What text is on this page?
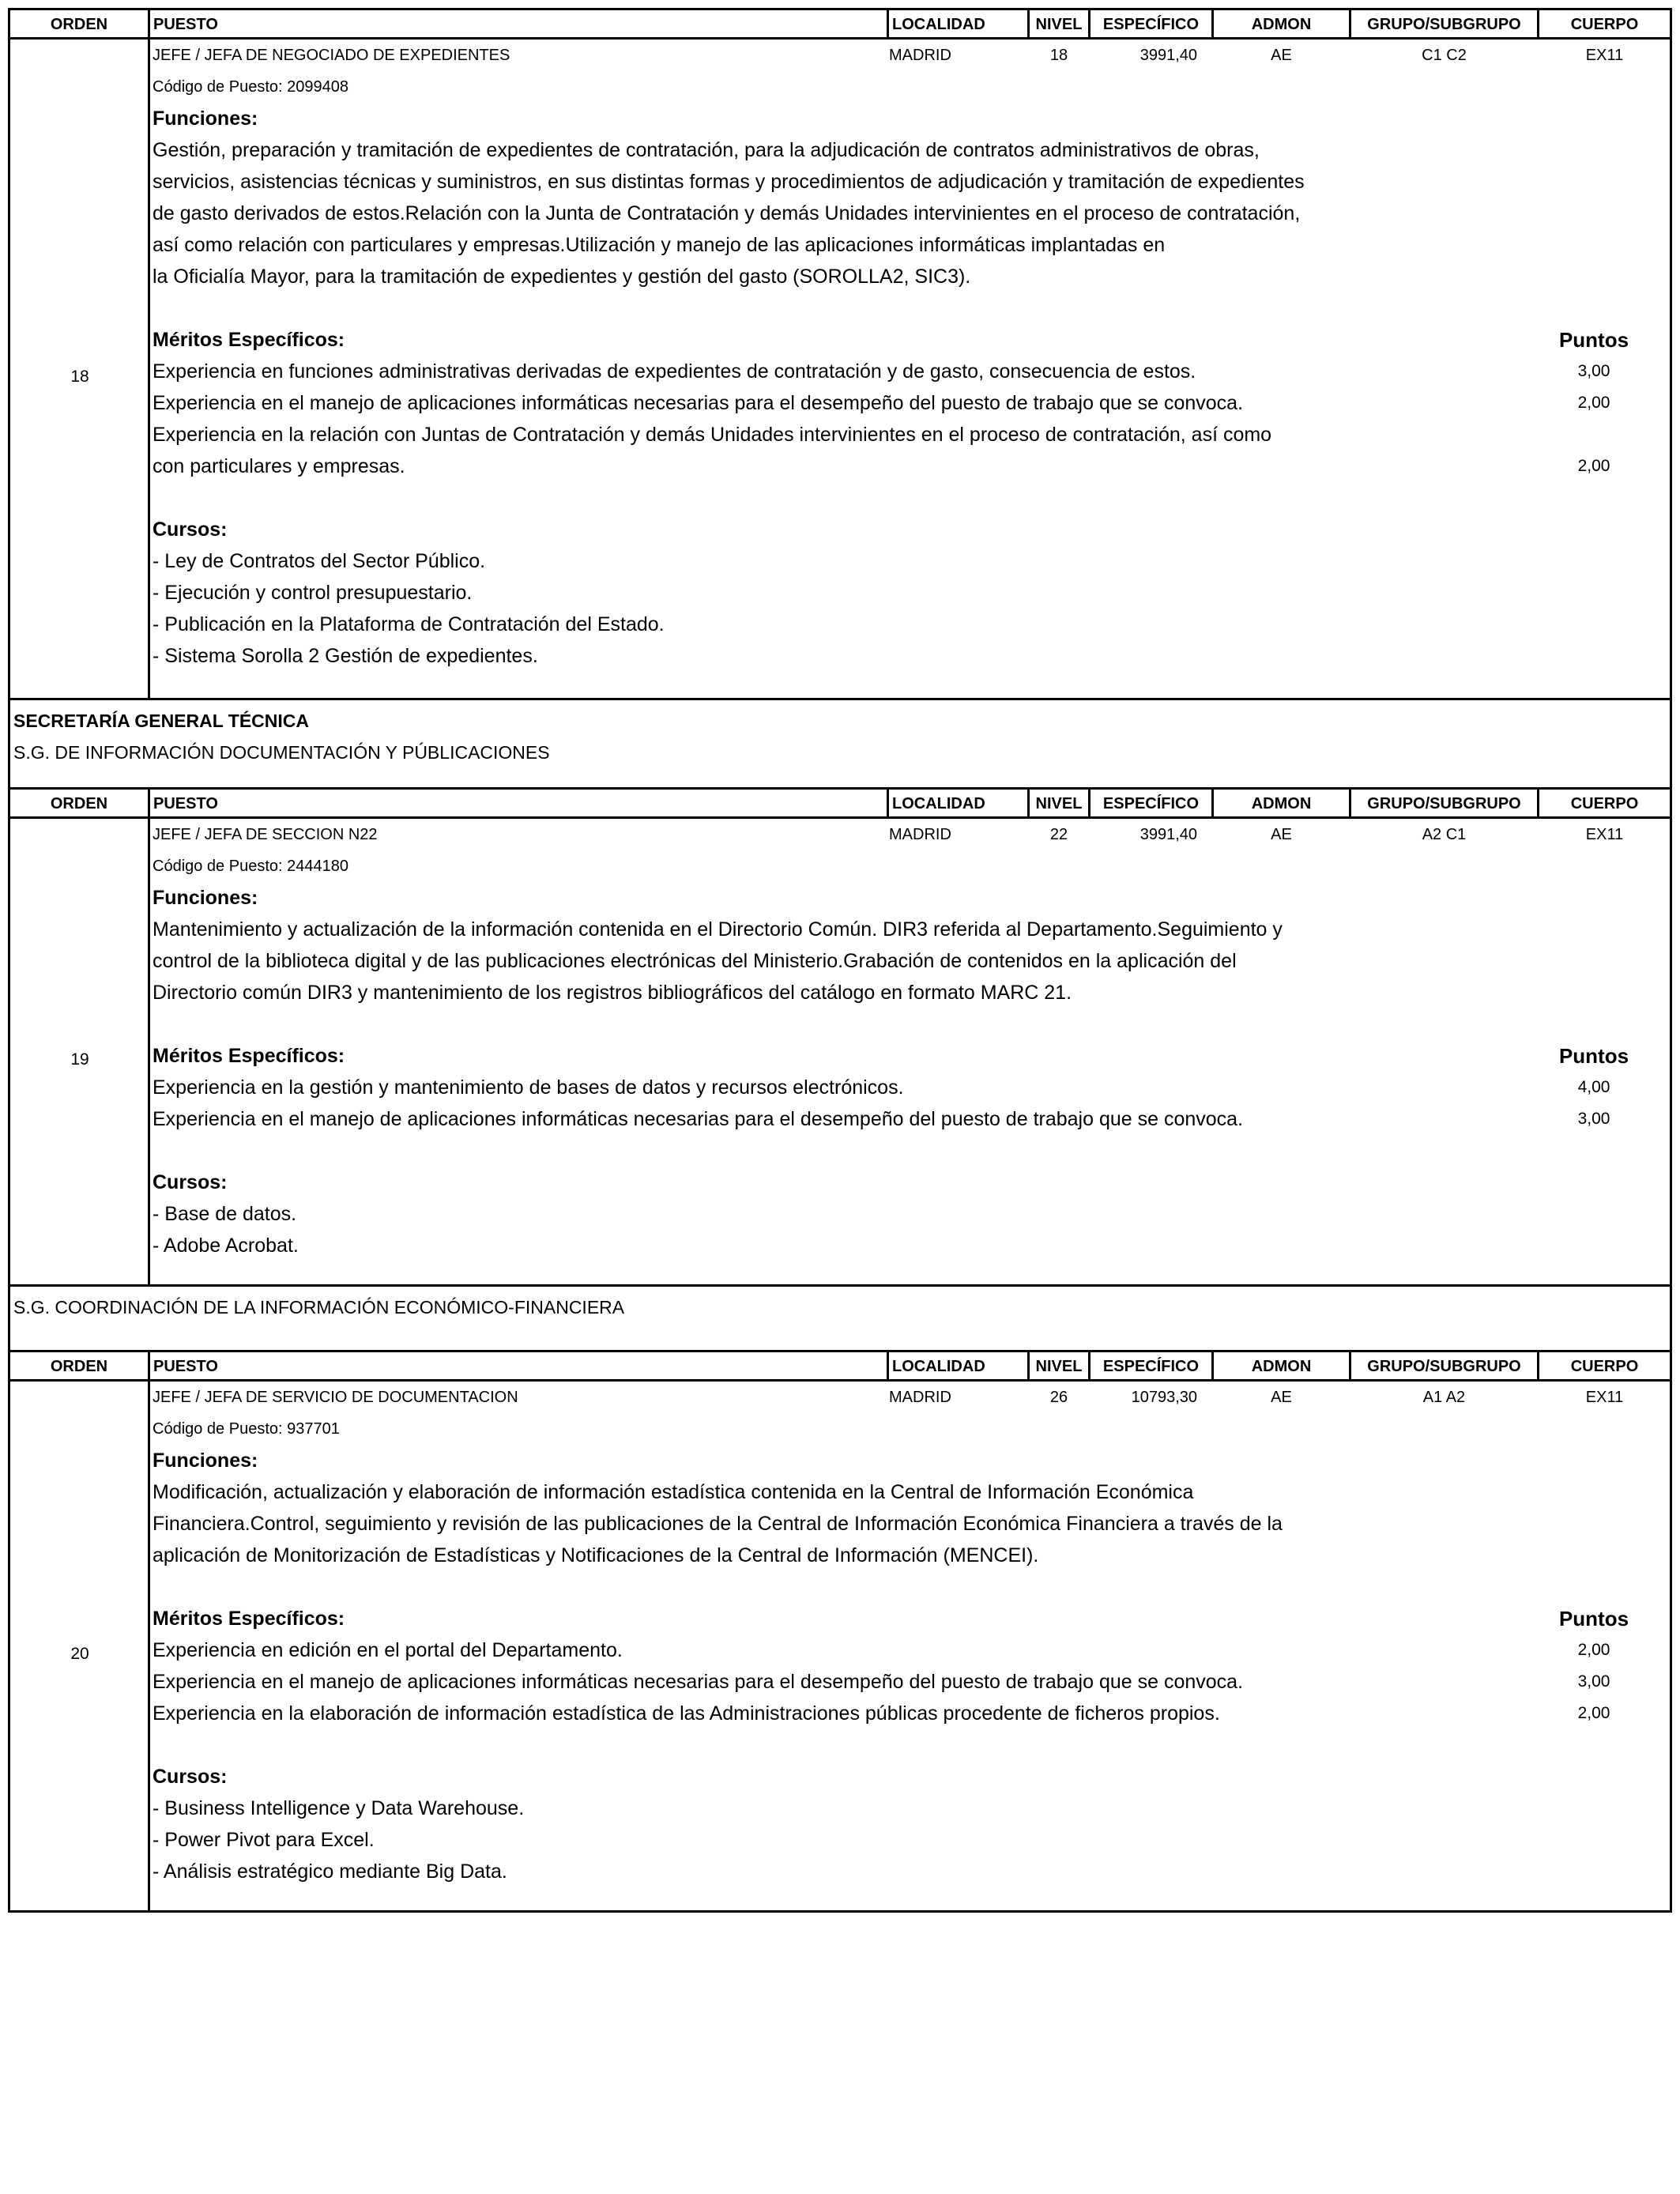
ORDEN	PUESTO	LOCALIDAD	NIVEL	ESPECÍFICO	ADMON	GRUPO/SUBGRUPO	CUERPO
18
JEFE / JEFA DE NEGOCIADO DE EXPEDIENTES	MADRID	18	3991,40	AE	C1 C2	EX11
Código de Puesto: 2099408
Funciones:
Gestión, preparación y tramitación de expedientes de contratación, para la adjudicación de contratos administrativos de obras,
servicios, asistencias técnicas y suministros, en sus distintas formas y procedimientos de adjudicación y tramitación de expedientes
de gasto derivados de estos.Relación con la Junta de Contratación y demás Unidades intervinientes en el proceso de contratación,
así como relación con particulares y empresas.Utilización y manejo de las aplicaciones informáticas implantadas en
la Oficialía Mayor, para la tramitación de expedientes y gestión del gasto (SOROLLA2, SIC3).
Méritos Específicos:	Puntos
Experiencia en funciones administrativas derivadas de expedientes de contratación y de gasto, consecuencia de estos.	3,00
Experiencia en el manejo de aplicaciones informáticas necesarias para el desempeño del puesto de trabajo que se convoca.	2,00
Experiencia en la relación con Juntas de Contratación y demás Unidades intervinientes en el proceso de contratación, así como
con particulares y empresas.	2,00
Cursos:
- Ley de Contratos del Sector Público.
- Ejecución y control presupuestario.
- Publicación en la Plataforma de Contratación del Estado.
- Sistema Sorolla 2 Gestión de expedientes.
SECRETARÍA GENERAL TÉCNICA
S.G. DE INFORMACIÓN DOCUMENTACIÓN Y PÚBLICACIONES
ORDEN	PUESTO	LOCALIDAD	NIVEL	ESPECÍFICO	ADMON	GRUPO/SUBGRUPO	CUERPO
19
JEFE / JEFA DE SECCION N22	MADRID	22	3991,40	AE	A2 C1	EX11
Código de Puesto: 2444180
Funciones:
Mantenimiento y actualización de la información contenida en el Directorio Común. DIR3 referida al Departamento.Seguimiento y
control de la biblioteca digital y de las publicaciones electrónicas del Ministerio.Grabación de contenidos en la aplicación del
Directorio común DIR3 y mantenimiento de los registros bibliográficos del catálogo en formato MARC 21.
Méritos Específicos:	Puntos
Experiencia en la gestión y mantenimiento de bases de datos y recursos electrónicos.	4,00
Experiencia en el manejo de aplicaciones informáticas necesarias para el desempeño del puesto de trabajo que se convoca.	3,00
Cursos:
- Base de datos.
- Adobe Acrobat.
S.G. COORDINACIÓN DE LA INFORMACIÓN ECONÓMICO-FINANCIERA
ORDEN	PUESTO	LOCALIDAD	NIVEL	ESPECÍFICO	ADMON	GRUPO/SUBGRUPO	CUERPO
20
JEFE / JEFA DE SERVICIO DE DOCUMENTACION	MADRID	26	10793,30	AE	A1 A2	EX11
Código de Puesto: 937701
Funciones:
Modificación, actualización y elaboración de información estadística contenida en la Central de Información Económica
Financiera.Control, seguimiento y revisión de las publicaciones de la Central de Información Económica Financiera a través de la
aplicación de Monitorización de Estadísticas y Notificaciones de la Central de Información (MENCEI).
Méritos Específicos:	Puntos
Experiencia en edición en el portal del Departamento.	2,00
Experiencia en el manejo de aplicaciones informáticas necesarias para el desempeño del puesto de trabajo que se convoca.	3,00
Experiencia en la elaboración de información estadística de las Administraciones públicas procedente de ficheros propios.	2,00
Cursos:
- Business Intelligence y Data Warehouse.
- Power Pivot para Excel.
- Análisis estratégico mediante Big Data.
